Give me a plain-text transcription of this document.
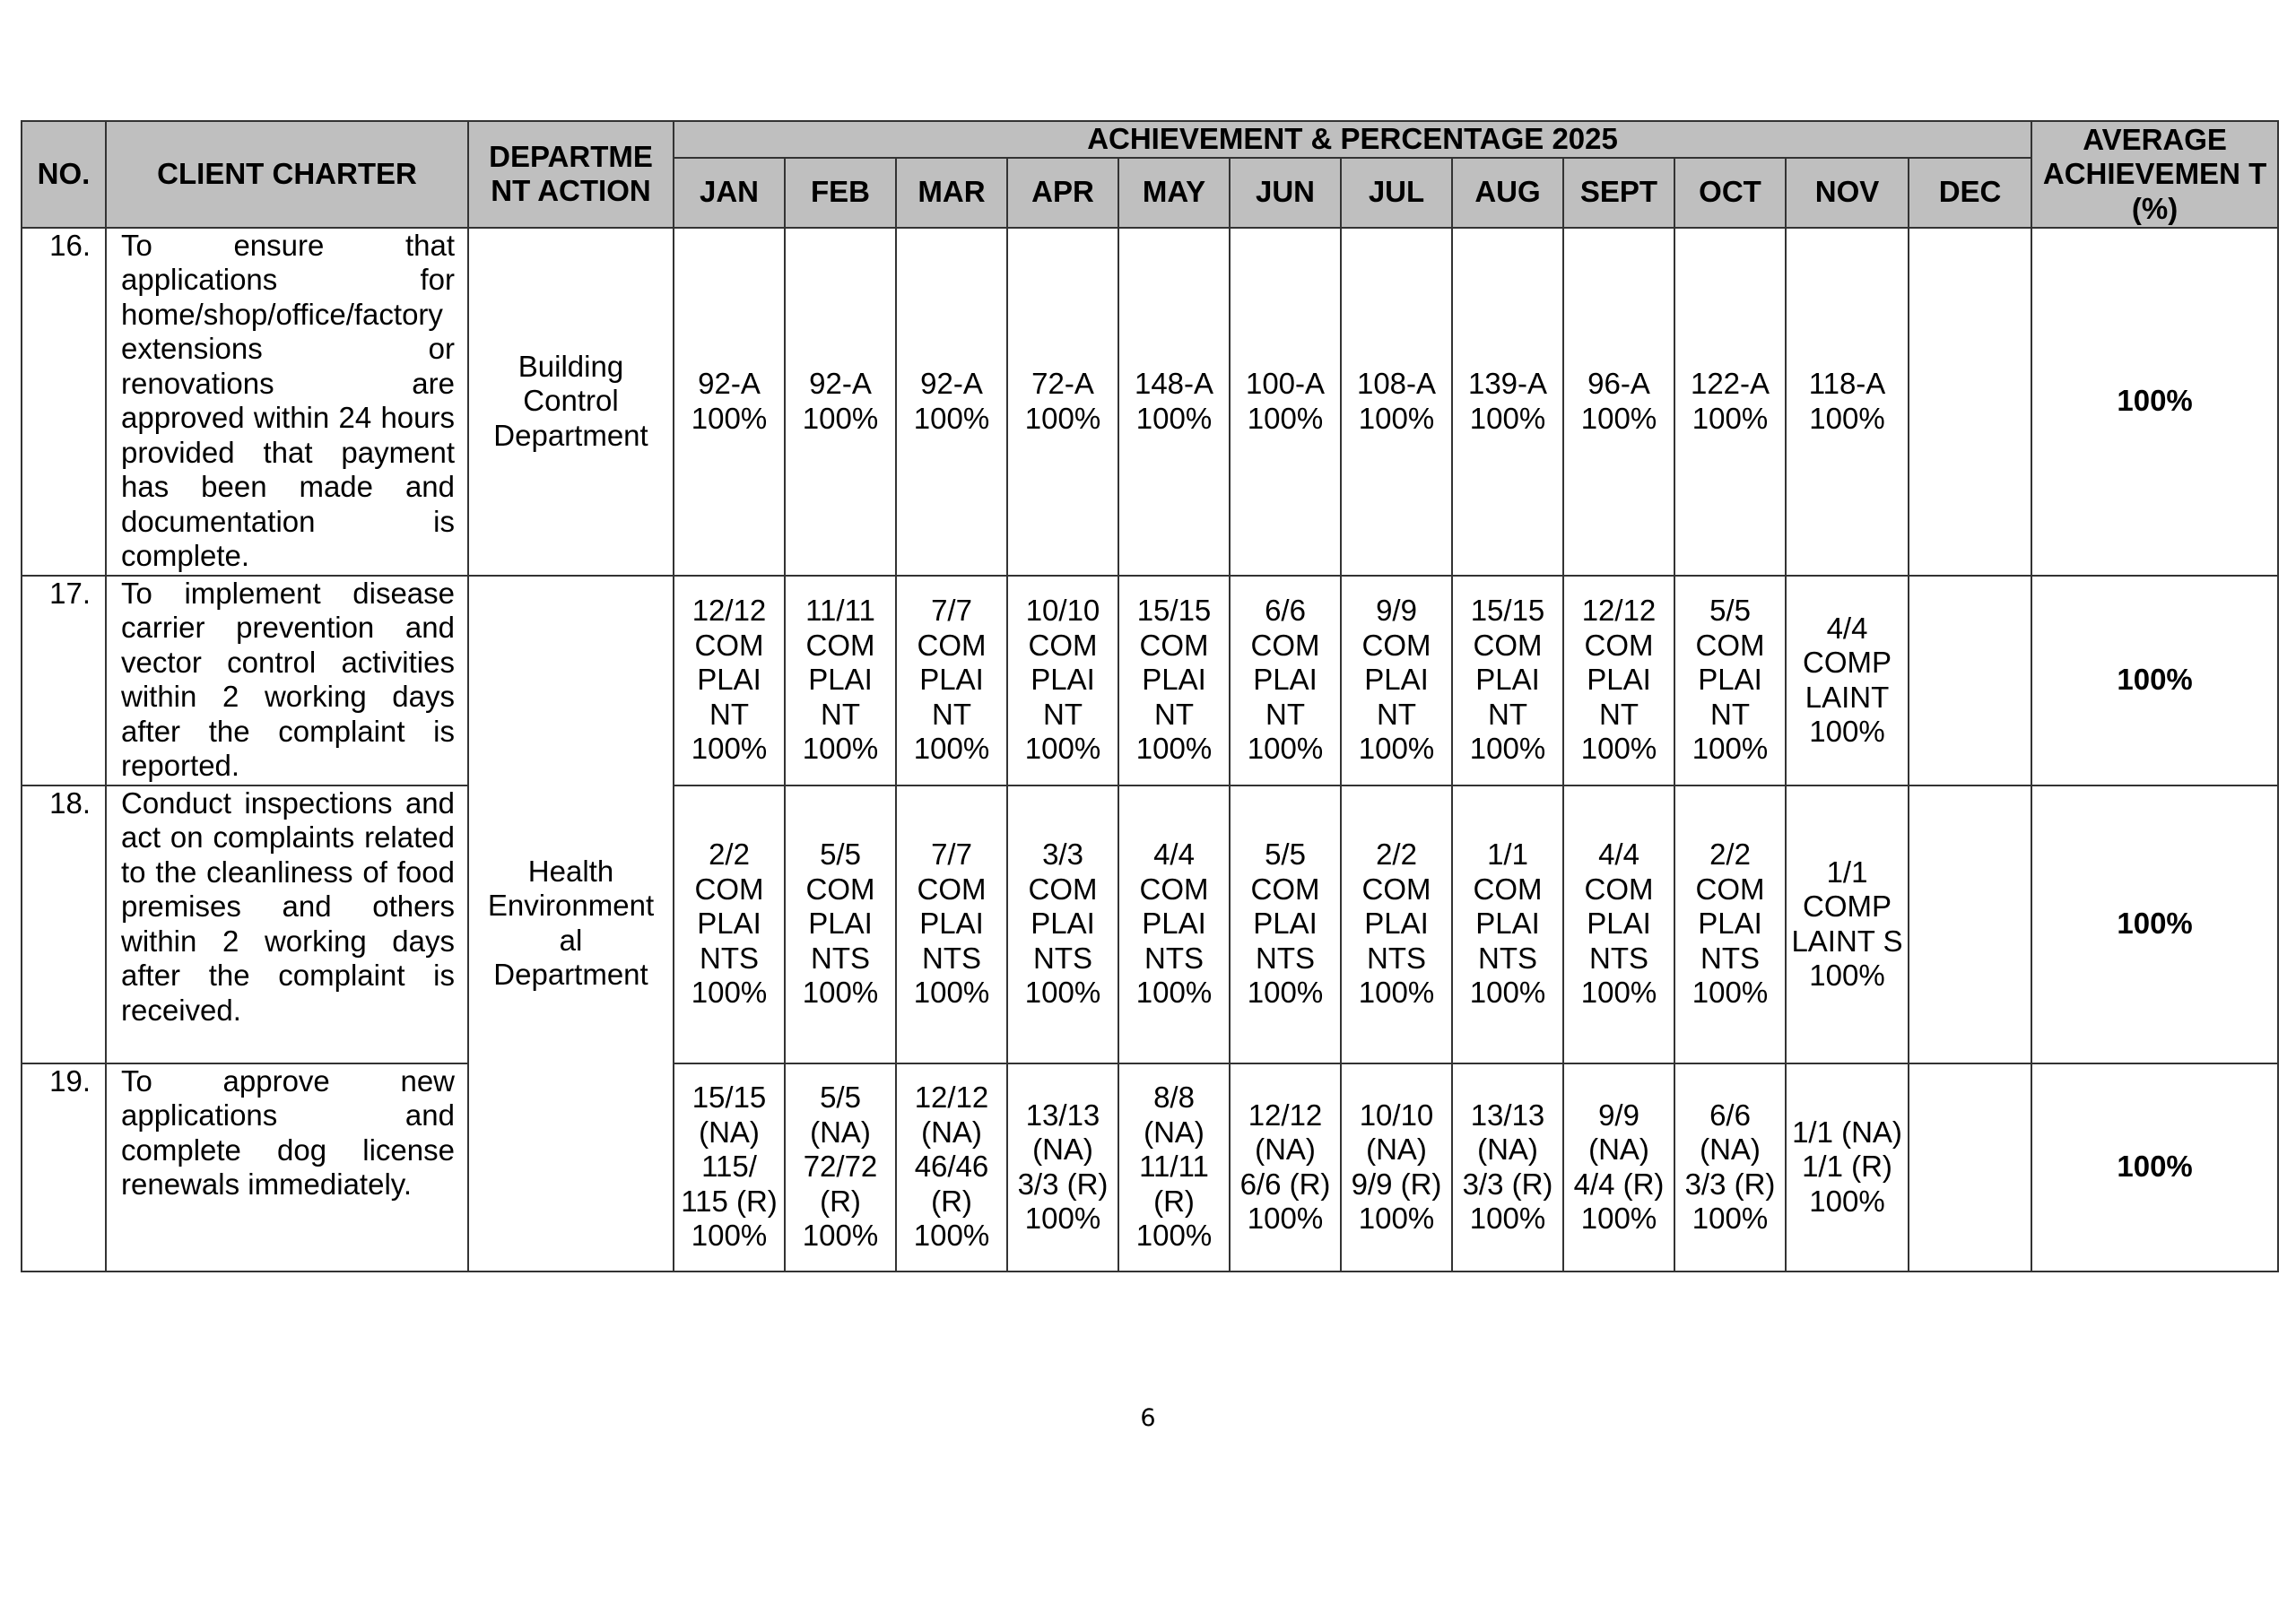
NO.	CLIENT CHARTER	DEPARTME NT ACTION	ACHIEVEMENT & PERCENTAGE 2025												AVERAGE ACHIEVEMEN T (%)
			JAN	FEB	MAR	APR	MAY	JUN	JUL	AUG	SEPT	OCT	NOV	DEC	
16.	To ensure that applications for home/shop/office/factory extensions or renovations are approved within 24 hours provided that payment has been made and documentation is complete.	Building Control Department	92-A 100%	92-A 100%	92-A 100%	72-A 100%	148-A 100%	100-A 100%	108-A 100%	139-A 100%	96-A 100%	122-A 100%	118-A 100%		100%
17.	To implement disease carrier prevention and vector control activities within 2 working days after the complaint is reported.	Health Environment al Department	12/12 COM PLAI NT 100%	11/11 COM PLAI NT 100%	7/7 COM PLAI NT 100%	10/10 COM PLAI NT 100%	15/15 COM PLAI NT 100%	6/6 COM PLAI NT 100%	9/9 COM PLAI NT 100%	15/15 COM PLAI NT 100%	12/12 COM PLAI NT 100%	5/5 COM PLAI NT 100%	4/4 COMP LAINT 100%		100%
18.	Conduct inspections and act on complaints related to the cleanliness of food premises and others within 2 working days after the complaint is received.		2/2 COM PLAI NTS 100%	5/5 COM PLAI NTS 100%	7/7 COM PLAI NTS 100%	3/3 COM PLAI NTS 100%	4/4 COM PLAI NTS 100%	5/5 COM PLAI NTS 100%	2/2 COM PLAI NTS 100%	1/1 COM PLAI NTS 100%	4/4 COM PLAI NTS 100%	2/2 COM PLAI NTS 100%	1/1 COMP LAINT S 100%		100%
19.	To approve new applications and complete dog license renewals immediately.		15/15 (NA) 115/ 115 (R) 100%	5/5 (NA) 72/72 (R) 100%	12/12 (NA) 46/46 (R) 100%	13/13 (NA) 3/3 (R) 100%	8/8 (NA) 11/11 (R) 100%	12/12 (NA) 6/6 (R) 100%	10/10 (NA) 9/9 (R) 100%	13/13 (NA) 3/3 (R) 100%	9/9 (NA) 4/4 (R) 100%	6/6 (NA) 3/3 (R) 100%	1/1 (NA) 1/1 (R) 100%		100%
6
